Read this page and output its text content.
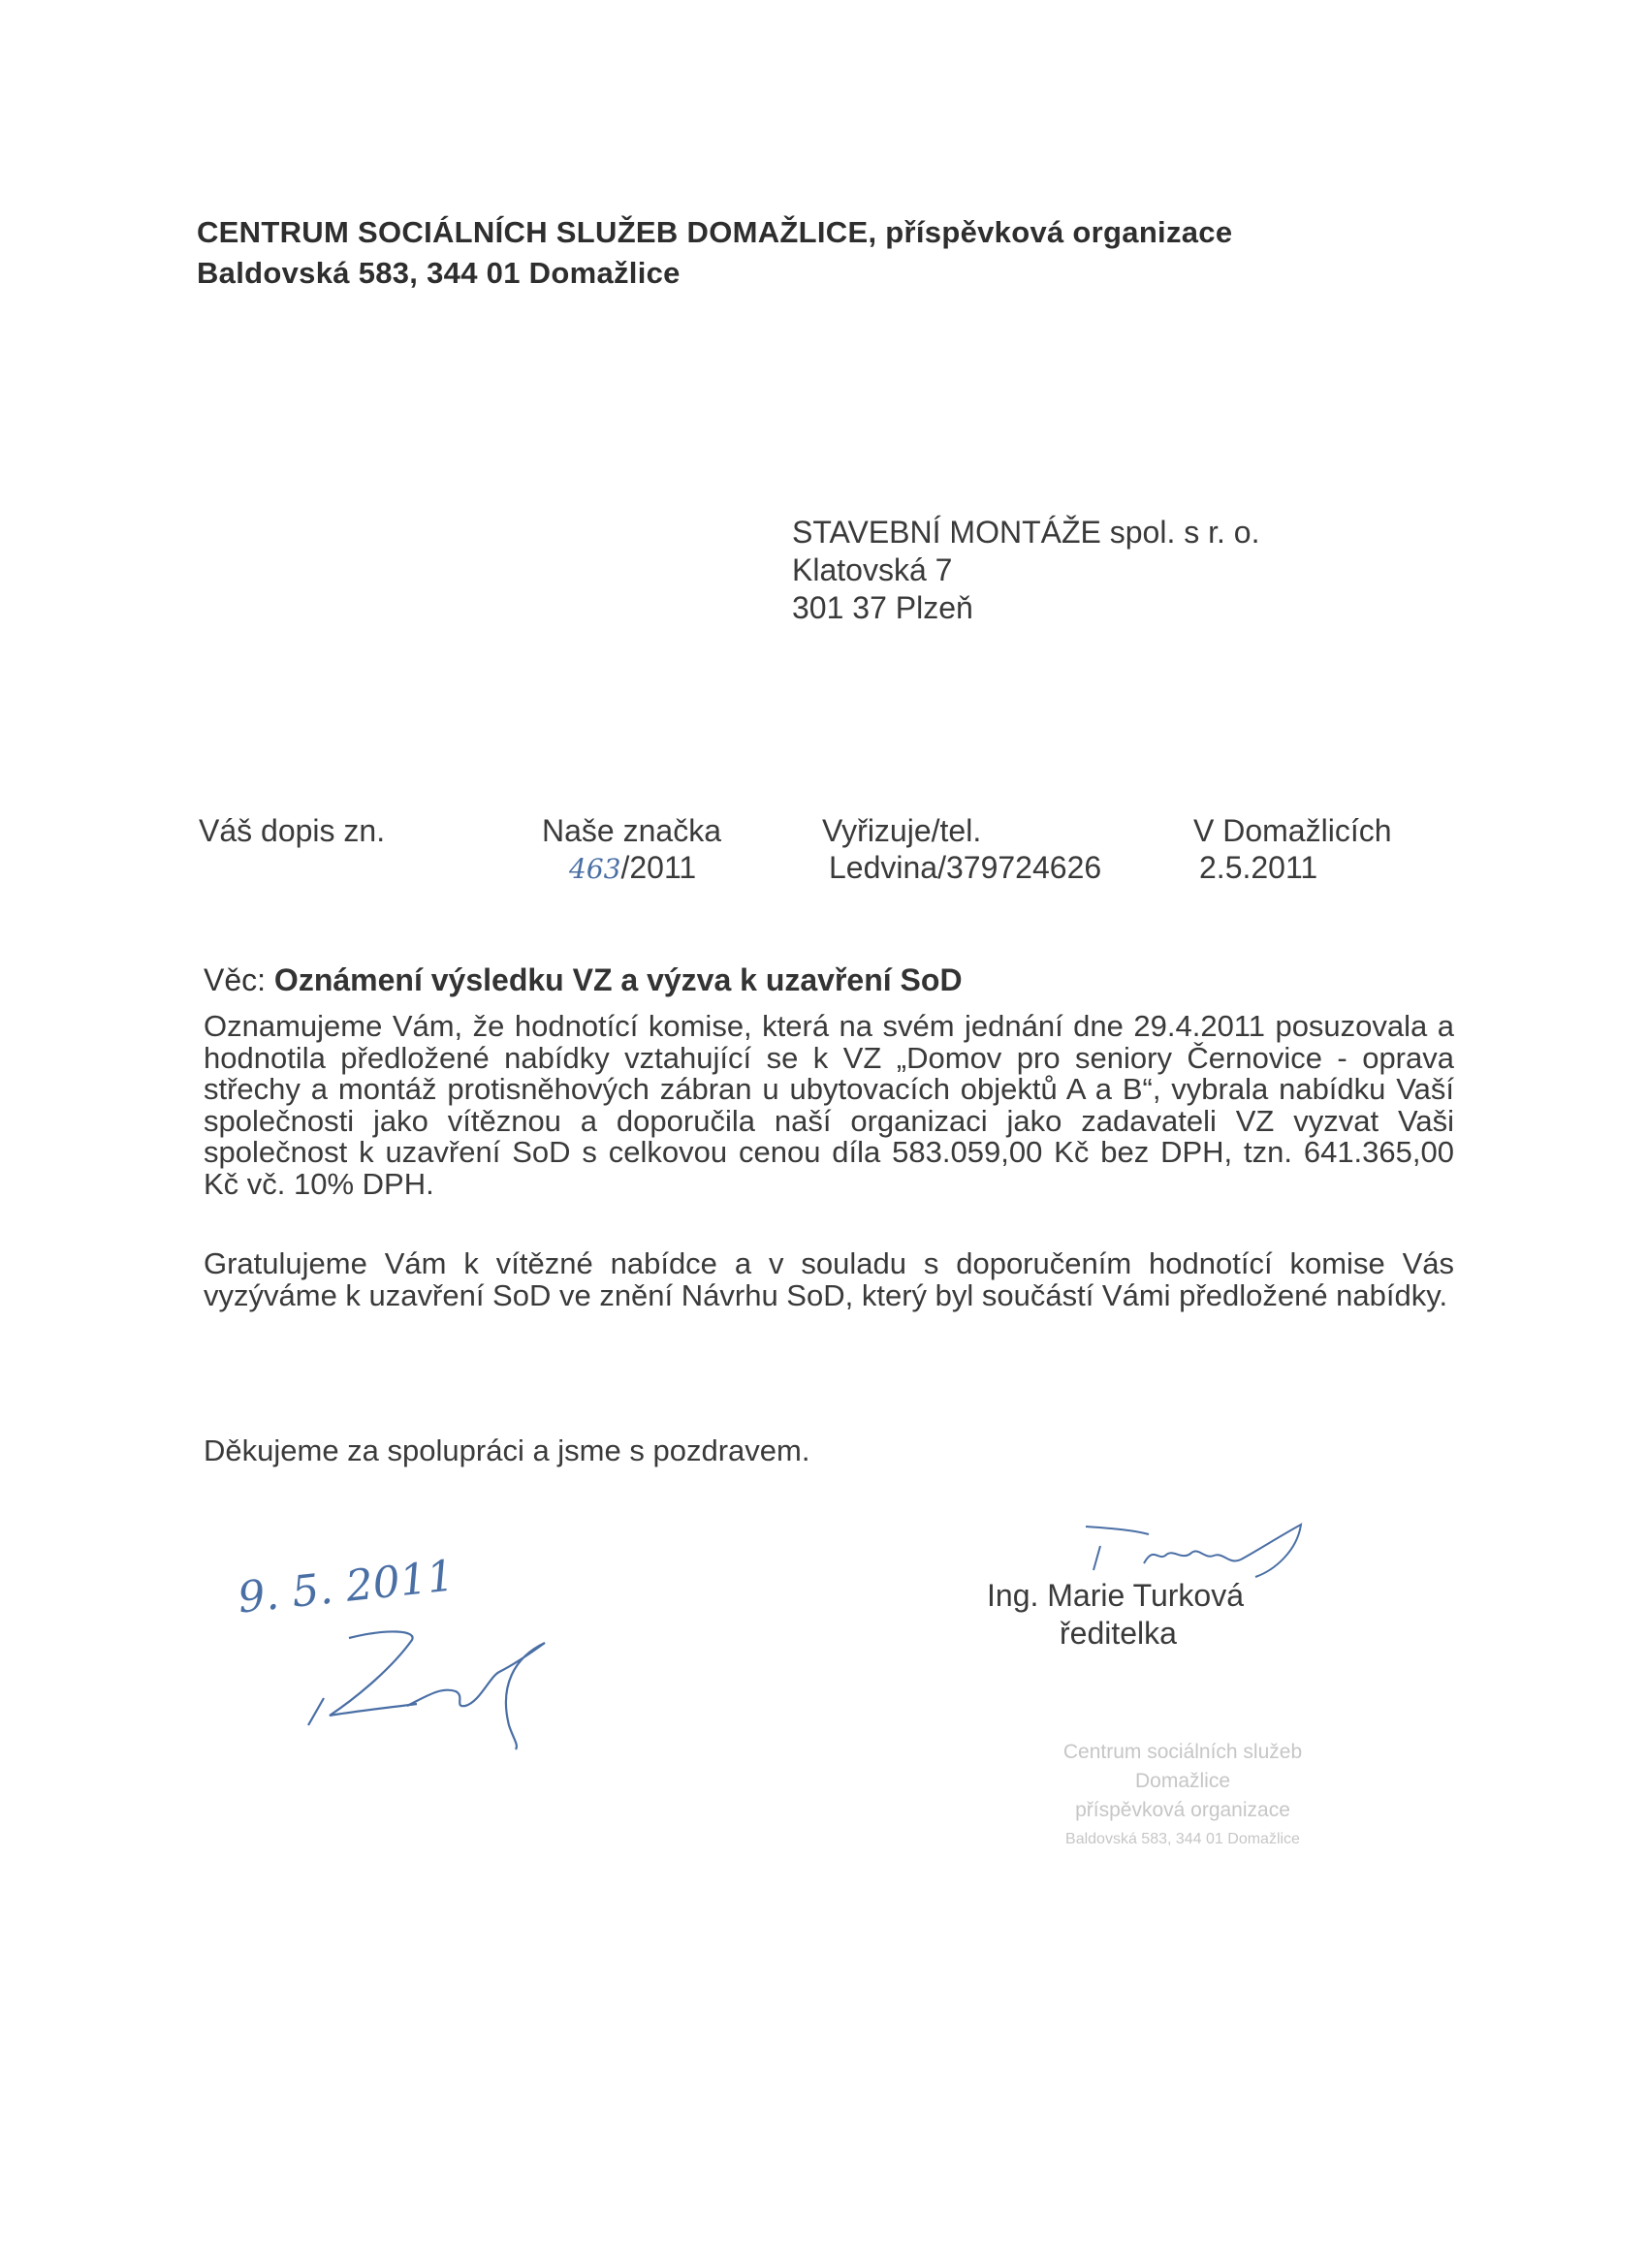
CENTRUM SOCIÁLNÍCH SLUŽEB DOMAŽLICE, příspěvková organizace
Baldovská 583, 344 01 Domažlice
STAVEBNÍ MONTÁŽE spol. s r. o.
Klatovská 7
301 37 Plzeň
Váš dopis zn.	Naše značka
463/2011
Vyřizuje/tel.
Ledvina/379724626
V Domažlicích
2.5.2011
Věc: Oznámení výsledku VZ a výzva k uzavření SoD
Oznamujeme Vám, že hodnotící komise, která na svém jednání dne 29.4.2011 posuzovala a hodnotila předložené nabídky vztahující se k VZ „Domov pro seniory Černovice - oprava střechy a montáž protisněhových zábran u ubytovacích objektů A a B“, vybrala nabídku Vaší společnosti jako vítěznou a doporučila naší organizaci jako zadavateli VZ vyzvat Vaši společnost k uzavření SoD s celkovou cenou díla 583.059,00 Kč bez DPH, tzn. 641.365,00 Kč vč. 10% DPH.
Gratulujeme Vám k vítězné nabídce a v souladu s doporučením hodnotící komise Vás vyzýváme k uzavření SoD ve znění Návrhu SoD, který byl součástí Vámi předložené nabídky.
Děkujeme za spolupráci a jsme s pozdravem.
9. 5. 2011	Ing. Marie Turková
ředitelka
Centrum sociálních služeb
Domažlice
příspěvková organizace
Baldovská 583, 344 01 Domažlice
